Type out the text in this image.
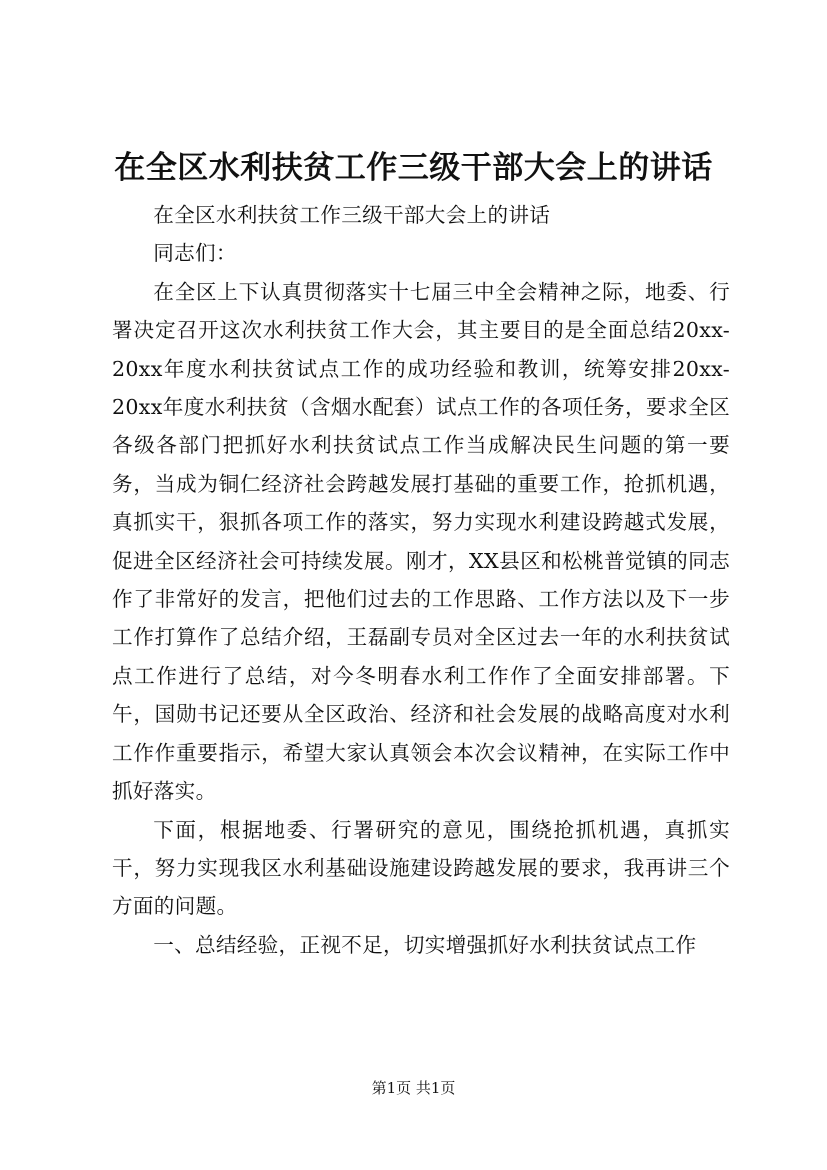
在全区水利扶贫工作三级干部大会上的讲话

在全区水利扶贫工作三级干部大会上的讲话

同志们：

在全区上下认真贯彻落实十七届三中全会精神之际，地委、行署决定召开这次水利扶贫工作大会，其主要目的是全面总结20xx-20xx年度水利扶贫试点工作的成功经验和教训，统筹安排20xx-20xx年度水利扶贫（含烟水配套）试点工作的各项任务，要求全区各级各部门把抓好水利扶贫试点工作当成解决民生问题的第一要务，当成为铜仁经济社会跨越发展打基础的重要工作，抢抓机遇，真抓实干，狠抓各项工作的落实，努力实现水利建设跨越式发展，促进全区经济社会可持续发展。刚才，XX县区和松桃普觉镇的同志作了非常好的发言，把他们过去的工作思路、工作方法以及下一步工作打算作了总结介绍，王磊副专员对全区过去一年的水利扶贫试点工作进行了总结，对今冬明春水利工作作了全面安排部署。下午，国勋书记还要从全区政治、经济和社会发展的战略高度对水利工作作重要指示，希望大家认真领会本次会议精神，在实际工作中抓好落实。

下面，根据地委、行署研究的意见，围绕抢抓机遇，真抓实干，努力实现我区水利基础设施建设跨越发展的要求，我再讲三个方面的问题。

一、总结经验，正视不足，切实增强抓好水利扶贫试点工作

第1页 共1页
